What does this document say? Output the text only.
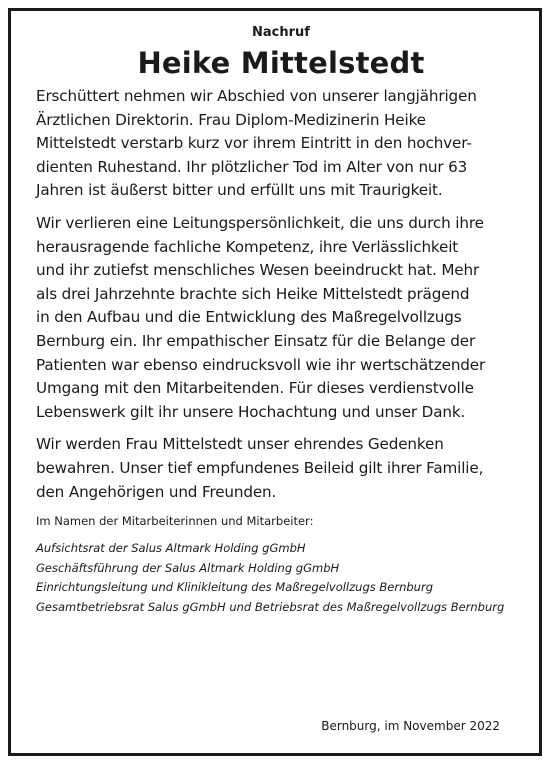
Nachruf

Heike Mittelstedt

Erschüttert nehmen wir Abschied von unserer langjährigen
Ärztlichen Direktorin. Frau Diplom-Medizinerin Heike
Mittelstedt verstarb kurz vor ihrem Eintritt in den hochver-
dienten Ruhestand. Ihr plötzlicher Tod im Alter von nur 63
Jahren ist äußerst bitter und erfüllt uns mit Traurigkeit.

Wir verlieren eine Leitungspersönlichkeit, die uns durch ihre
herausragende fachliche Kompetenz, ihre Verlässlichkeit
und ihr zutiefst menschliches Wesen beeindruckt hat. Mehr
als drei Jahrzehnte brachte sich Heike Mittelstedt prägend
in den Aufbau und die Entwicklung des Maßregelvollzugs
Bernburg ein. Ihr empathischer Einsatz für die Belange der
Patienten war ebenso eindrucksvoll wie ihr wertschätzender
Umgang mit den Mitarbeitenden. Für dieses verdienstvolle
Lebenswerk gilt ihr unsere Hochachtung und unser Dank.

Wir werden Frau Mittelstedt unser ehrendes Gedenken
bewahren. Unser tief empfundenes Beileid gilt ihrer Familie,
den Angehörigen und Freunden.

Im Namen der Mitarbeiterinnen und Mitarbeiter:

Aufsichtsrat der Salus Altmark Holding gGmbH
Geschäftsführung der Salus Altmark Holding gGmbH
Einrichtungsleitung und Klinikleitung des Maßregelvollzugs Bernburg
Gesamtbetriebsrat Salus gGmbH und Betriebsrat des Maßregelvollzugs Bernburg
Bernburg, im November 2022
